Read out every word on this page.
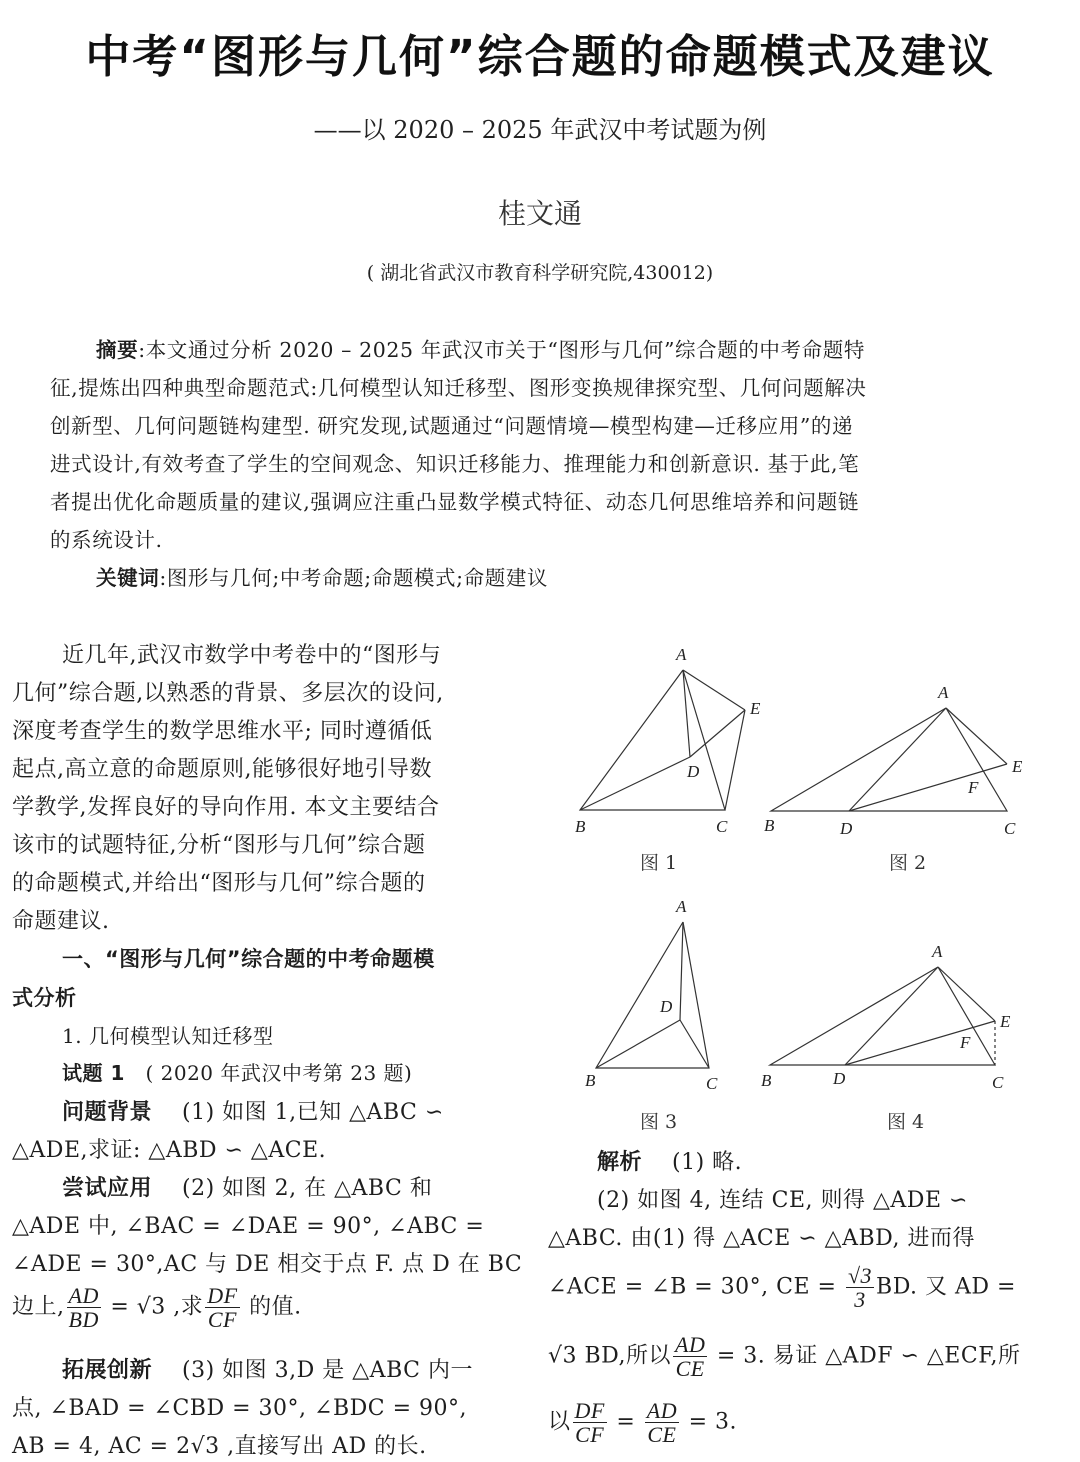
中考“图形与几何”综合题的命题模式及建议
——以 2020 – 2025 年武汉中考试题为例
桂文通
( 湖北省武汉市教育科学研究院,430012)
摘要:本文通过分析 2020 – 2025 年武汉市关于“图形与几何”综合题的中考命题特
征,提炼出四种典型命题范式:几何模型认知迁移型、图形变换规律探究型、几何问题解决
创新型、几何问题链构建型. 研究发现,试题通过“问题情境—模型构建—迁移应用”的递
进式设计,有效考查了学生的空间观念、知识迁移能力、推理能力和创新意识. 基于此,笔
者提出优化命题质量的建议,强调应注重凸显数学模式特征、动态几何思维培养和问题链
的系统设计.
关键词:图形与几何;中考命题;命题模式;命题建议
近几年,武汉市数学中考卷中的“图形与
几何”综合题,以熟悉的背景、多层次的设问,
深度考查学生的数学思维水平; 同时遵循低
起点,高立意的命题原则,能够很好地引导数
学教学,发挥良好的导向作用. 本文主要结合
该市的试题特征,分析“图形与几何”综合题
的命题模式,并给出“图形与几何”综合题的
命题建议.
一、“图形与几何”综合题的中考命题模
式分析
1. 几何模型认知迁移型
试题 1 ( 2020 年武汉中考第 23 题)
问题背景 (1) 如图 1,已知 △ABC ∽
△ADE,求证: △ABD ∽ △ACE.
尝试应用 (2) 如图 2, 在 △ABC 和
△ADE 中, ∠BAC = ∠DAE = 90°, ∠ABC =
∠ADE = 30°,AC 与 DE 相交于点 F. 点 D 在 BC
边上, $\frac{AD}{BD} = √3$ ,求 $\frac{DF}{CF}$ 的值.
拓展创新 (3) 如图 3,D 是 △ABC 内一
点, ∠BAD = ∠CBD = 30°, ∠BDC = 90°,
AB = 4, AC = 2√3 ,直接写出 AD 的长.
A
E
D
B	C
A
E
F
B	D	C
A
D
B	C
A
E
F
B	D	C
图 1	图 2
图 3	图 4
解析 (1) 略.
(2) 如图 4, 连结 CE, 则得 △ADE ∽
△ABC. 由(1) 得 △ACE ∽ △ABD, 进而得
∠ACE = ∠B = 30°, CE = $\frac{√3}{3}$ BD. 又 AD =
√3 BD,所以 $\frac{AD}{CE} = 3$. 易证 △ADF ∽ △ECF,所
以 $\frac{DF}{CF} = \frac{AD}{CE} = 3$.
